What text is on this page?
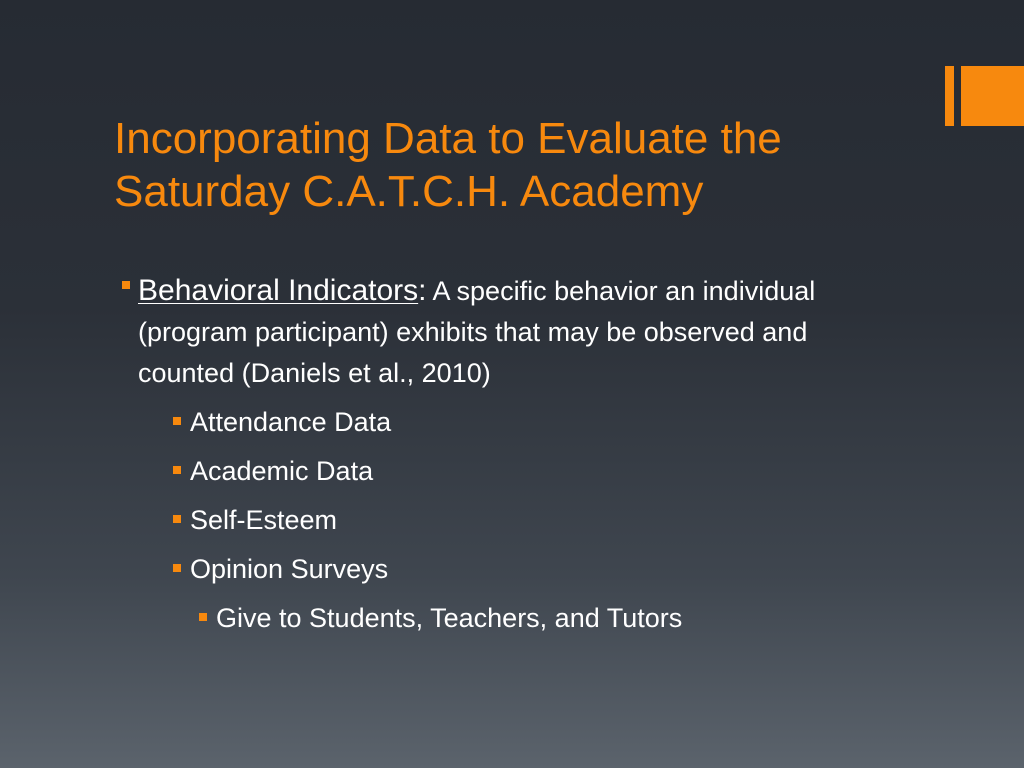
Incorporating Data to Evaluate the Saturday C.A.T.C.H. Academy

Behavioral Indicators: A specific behavior an individual (program participant) exhibits that may be observed and counted (Daniels et al., 2010)

Attendance Data

Academic Data

Self-Esteem

Opinion Surveys

Give to Students, Teachers, and Tutors
